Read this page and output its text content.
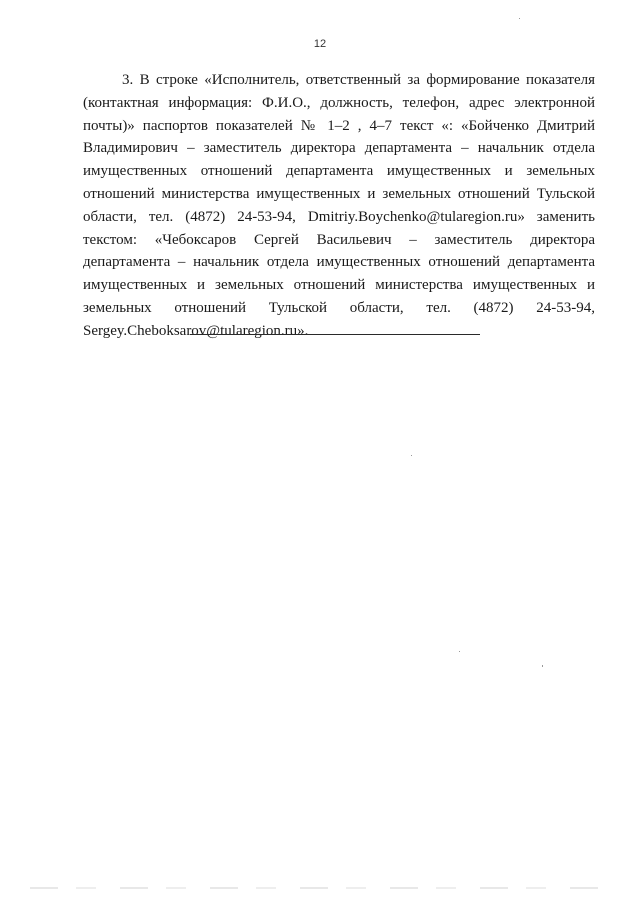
12
3. В строке «Исполнитель, ответственный за формирование показателя
(контактная информация: Ф.И.О., должность, телефон, адрес электронной
почты)» паспортов показателей № 1–2 , 4–7 текст «: «Бойченко Дмитрий
Владимирович – заместитель директора департамента – начальник отдела
имущественных отношений департамента имущественных и земельных
отношений министерства имущественных и земельных отношений Тульской
области, тел. (4872) 24-53-94, Dmitriy.Boychenko@tularegion.ru» заменить
текстом: «Чебоксаров Сергей Васильевич – заместитель директора
департамента – начальник отдела имущественных отношений департамента
имущественных и земельных отношений министерства имущественных и
земельных отношений Тульской области, тел. (4872) 24-53-94,
Sergey.Cheboksarov@tularegion.ru».
